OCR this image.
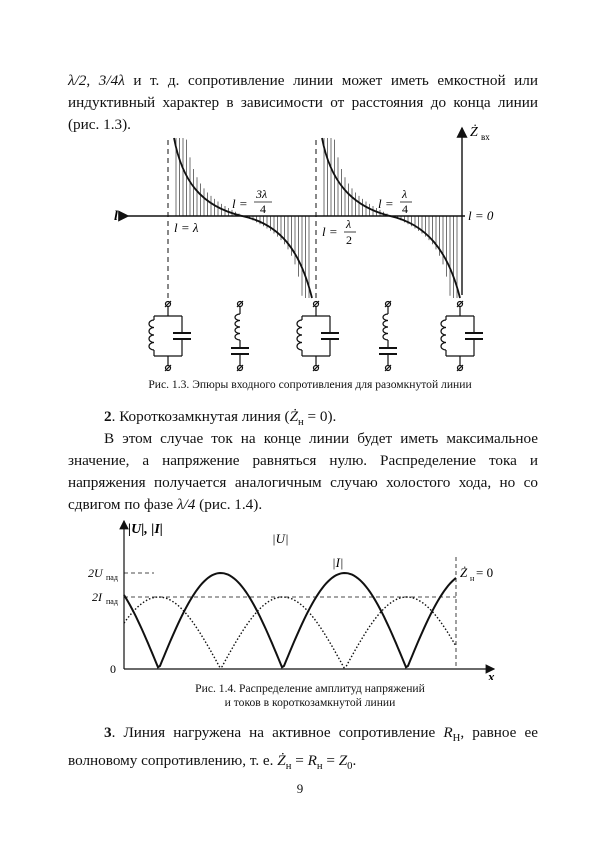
λ/2, 3/4λ и т. д. сопротивление линии может иметь емкостной или индуктивный характер в зависимости от расстояния до конца линии (рис. 1.3).	Ż вх
l	l = 0
l = λ
l =
3λ
4	l =
λ
4
l = λ
2
Рис. 1.3. Эпюры входного сопротивления для разомкнутой линии
2. Короткозамкнутая линия $(Ż_н = 0)$.
В этом случае ток на конце линии будет иметь максимальное значение, а напряжение равняться нулю. Распределение тока и напряжения получается аналогичным случаю холостого хода, но со сдвигом по фазе λ/4 (рис. 1.4).
|U|, |I|
2U пад
2I пад
0	x
|U|
|I|
Ż н = 0
Рис. 1.4. Распределение амплитуд напряжений
и токов в короткозамкнутой линии
3. Линия нагружена на активное сопротивление $R_Н$, равное ее волновому сопротивлению, т. е. $Ż_н = R_н = Z_0$.
9
